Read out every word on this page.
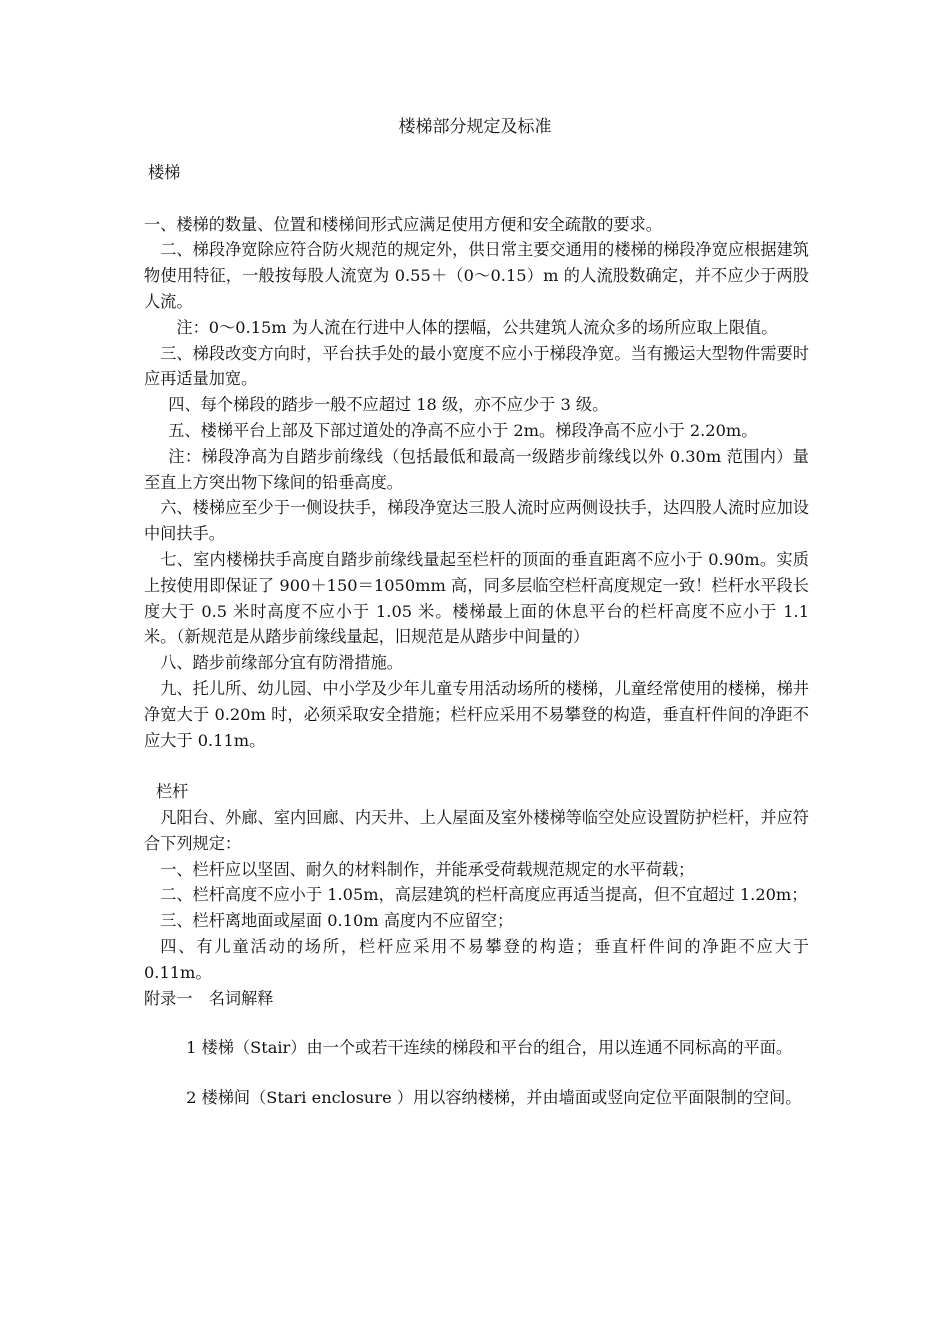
楼梯部分规定及标准

楼梯

一、楼梯的数量、位置和楼梯间形式应满足使用方便和安全疏散的要求。

二、梯段净宽除应符合防火规范的规定外，供日常主要交通用的楼梯的梯段净宽应根据建筑物使用特征，一般按每股人流宽为 0.55＋（0～0.15）m 的人流股数确定，并不应少于两股人流。

注：0～0.15m 为人流在行进中人体的摆幅，公共建筑人流众多的场所应取上限值。

三、梯段改变方向时，平台扶手处的最小宽度不应小于梯段净宽。当有搬运大型物件需要时应再适量加宽。

四、每个梯段的踏步一般不应超过 18 级，亦不应少于 3 级。

五、楼梯平台上部及下部过道处的净高不应小于 2m。梯段净高不应小于 2.20m。

注：梯段净高为自踏步前缘线（包括最低和最高一级踏步前缘线以外 0.30m 范围内）量至直上方突出物下缘间的铅垂高度。

六、楼梯应至少于一侧设扶手，梯段净宽达三股人流时应两侧设扶手，达四股人流时应加设中间扶手。

七、室内楼梯扶手高度自踏步前缘线量起至栏杆的顶面的垂直距离不应小于 0.90m。实质上按使用即保证了 900＋150＝1050mm 高，同多层临空栏杆高度规定一致！栏杆水平段长度大于 0.5 米时高度不应小于 1.05 米。楼梯最上面的休息平台的栏杆高度不应小于 1.1 米。（新规范是从踏步前缘线量起，旧规范是从踏步中间量的）

八、踏步前缘部分宜有防滑措施。

九、托儿所、幼儿园、中小学及少年儿童专用活动场所的楼梯，儿童经常使用的楼梯，梯井净宽大于 0.20m 时，必须采取安全措施；栏杆应采用不易攀登的构造，垂直杆件间的净距不应大于 0.11m。

栏杆

凡阳台、外廊、室内回廊、内天井、上人屋面及室外楼梯等临空处应设置防护栏杆，并应符合下列规定：

一、栏杆应以坚固、耐久的材料制作，并能承受荷载规范规定的水平荷载；

二、栏杆高度不应小于 1.05m，高层建筑的栏杆高度应再适当提高，但不宜超过 1.20m；

三、栏杆离地面或屋面 0.10m 高度内不应留空；

四、有儿童活动的场所，栏杆应采用不易攀登的构造；垂直杆件间的净距不应大于 0.11m。

附录一　名词解释

1 楼梯（Stair）由一个或若干连续的梯段和平台的组合，用以连通不同标高的平面。

2 楼梯间（Stari enclosure ）用以容纳楼梯，并由墙面或竖向定位平面限制的空间。
